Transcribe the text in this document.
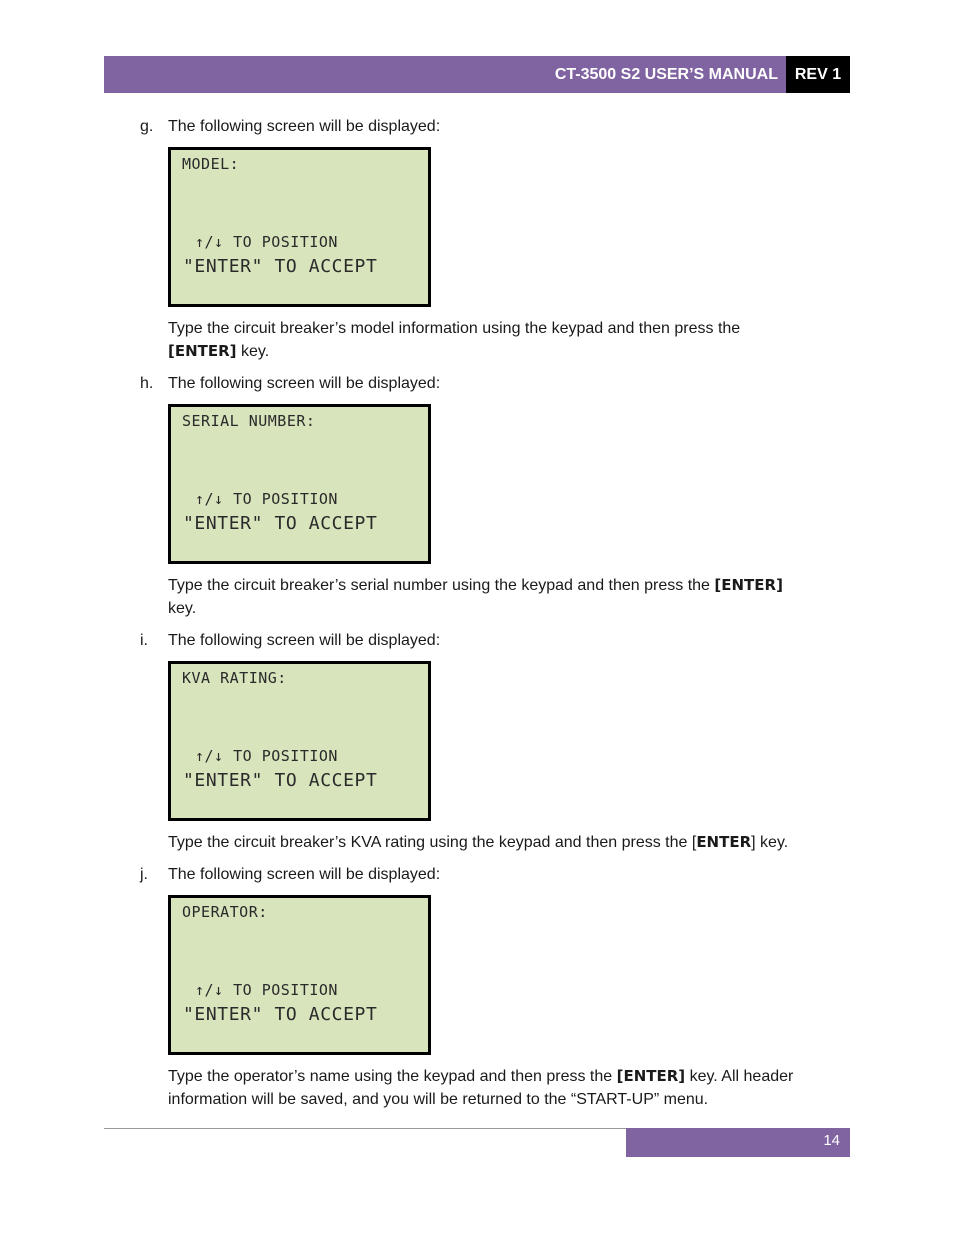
CT-3500 S2 USER’S MANUAL	REV 1
g. The following screen will be displayed:
MODEL:
↑/↓ TO POSITION
"ENTER" TO ACCEPT
Type the circuit breaker’s model information using the keypad and then press the
[ENTER] key.
h. The following screen will be displayed:
SERIAL NUMBER:
↑/↓ TO POSITION
"ENTER" TO ACCEPT
Type the circuit breaker’s serial number using the keypad and then press the [ENTER]
key.
i. The following screen will be displayed:
KVA RATING:
↑/↓ TO POSITION
"ENTER" TO ACCEPT
Type the circuit breaker’s KVA rating using the keypad and then press the [ENTER] key.
j. The following screen will be displayed:
OPERATOR:
↑/↓ TO POSITION
"ENTER" TO ACCEPT
Type the operator’s name using the keypad and then press the [ENTER] key. All header information will be saved, and you will be returned to the “START-UP” menu.
14
